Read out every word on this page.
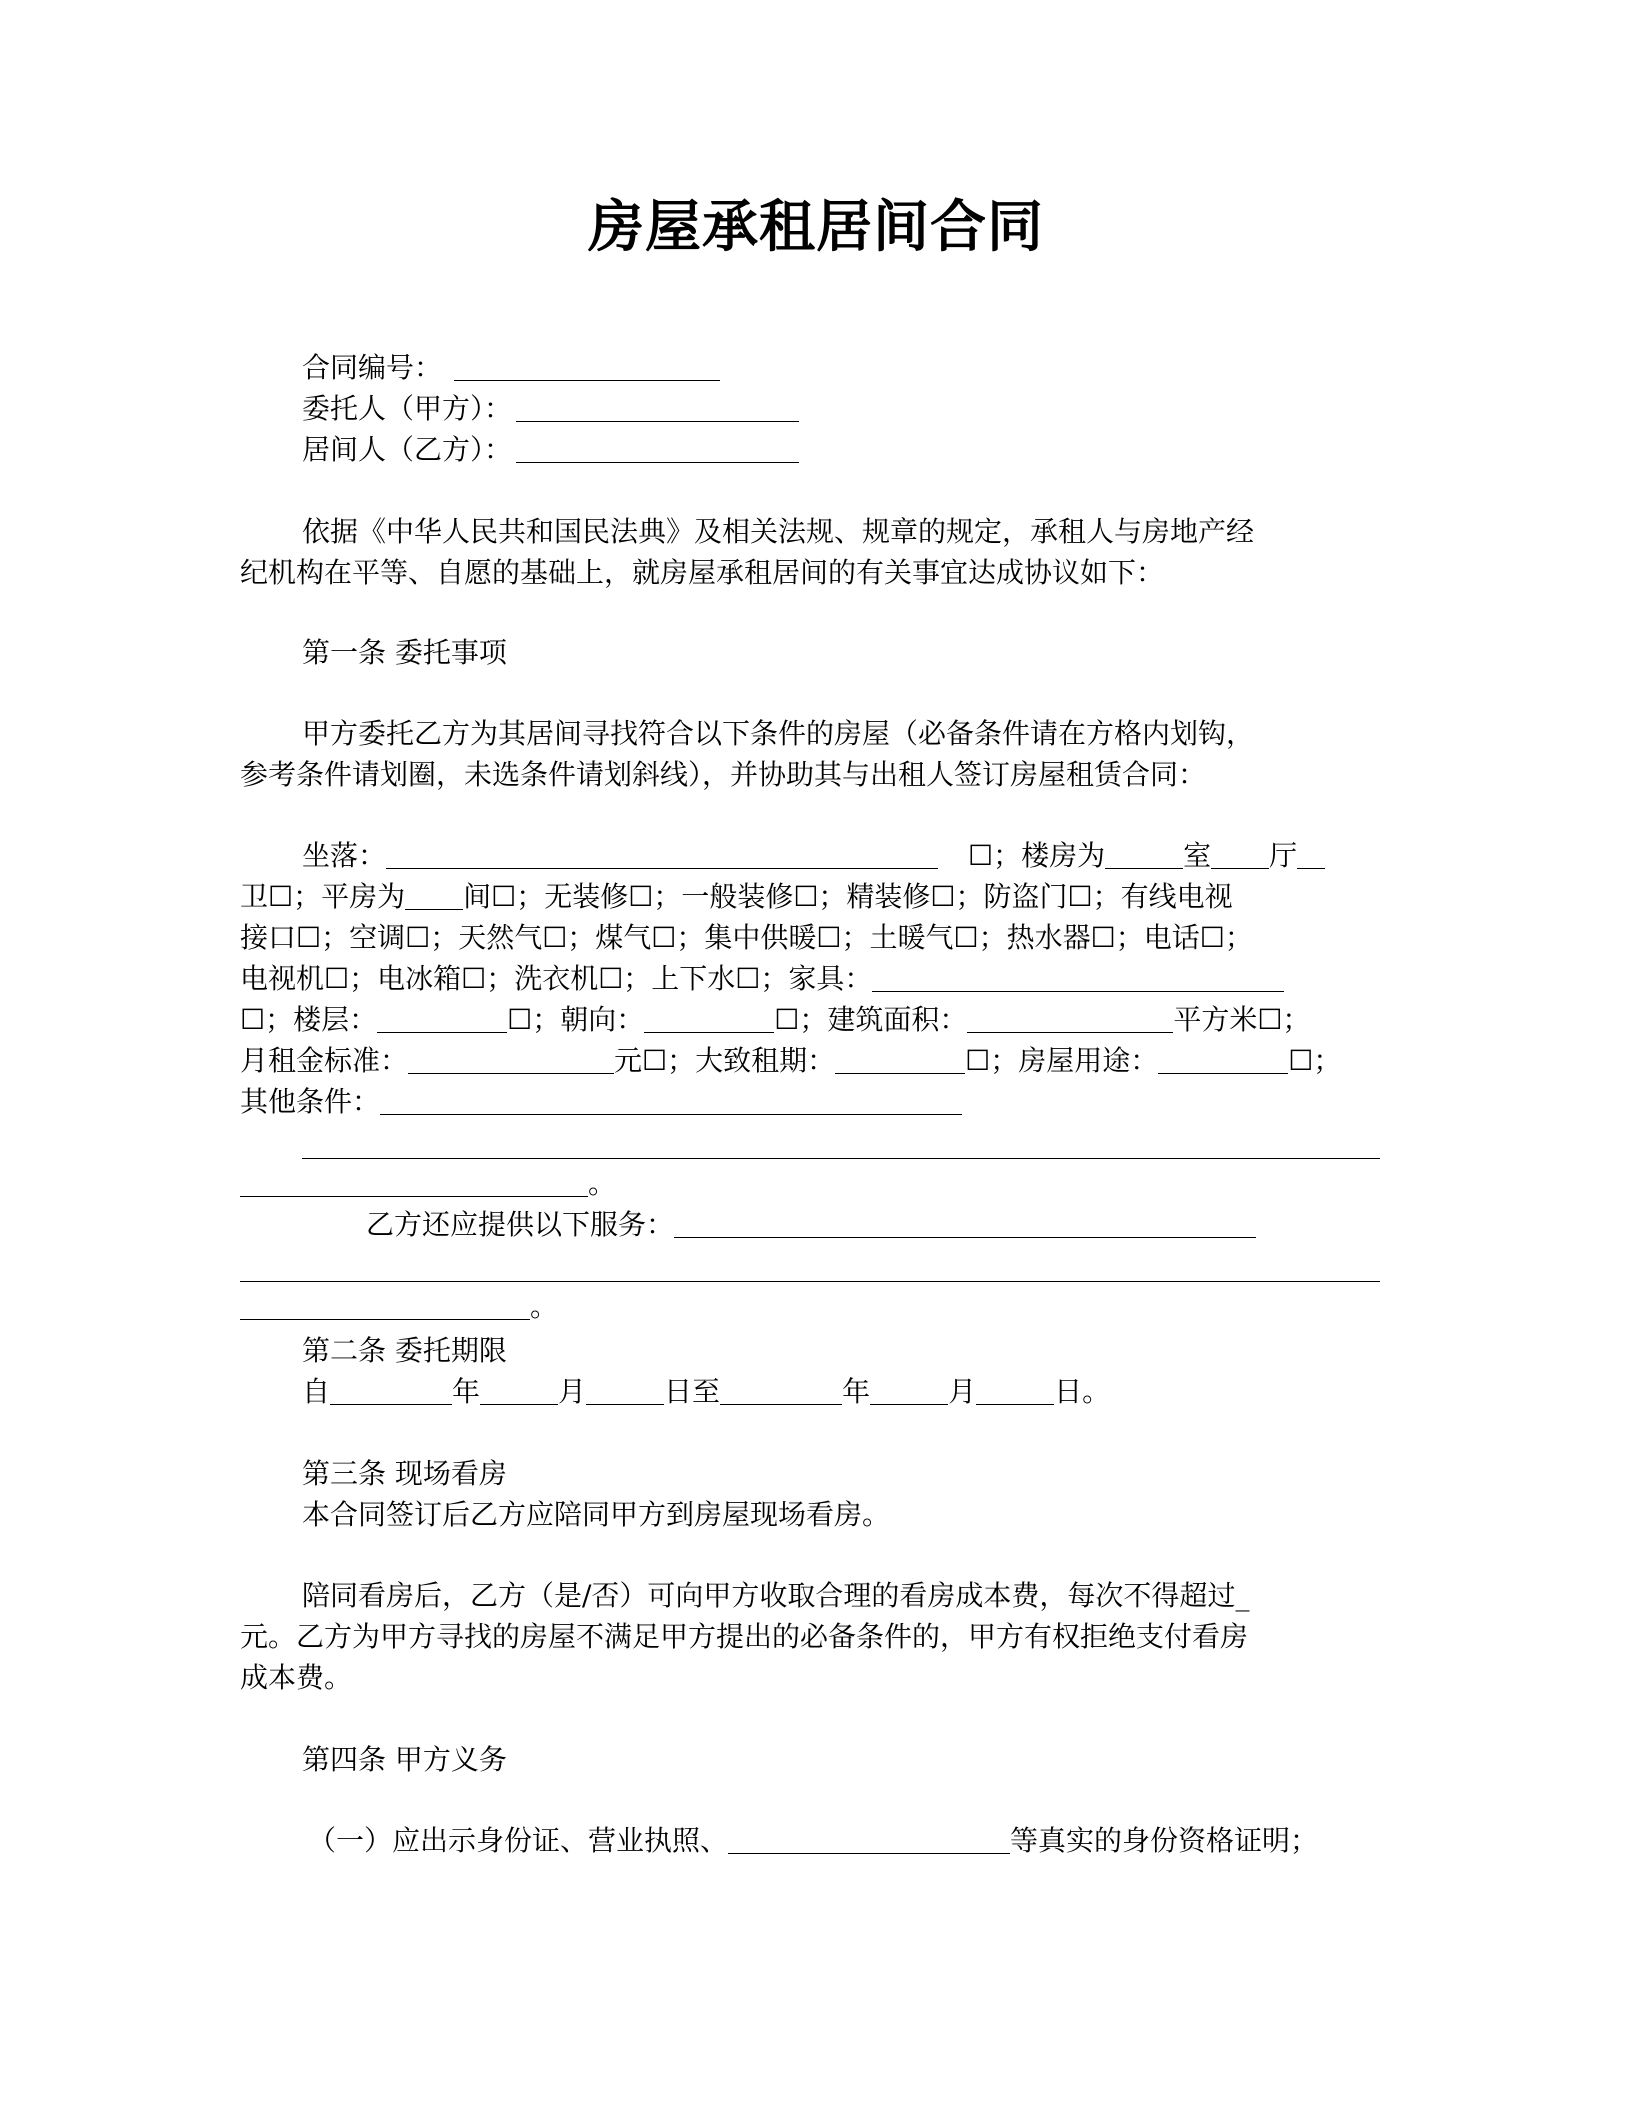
房屋承租居间合同
合同编号：
委托人（甲方）：
居间人（乙方）：
依据《中华人民共和国民法典》及相关法规、规章的规定，承租人与房地产经
纪机构在平等、自愿的基础上，就房屋承租居间的有关事宜达成协议如下：
第一条 委托事项
甲方委托乙方为其居间寻找符合以下条件的房屋（必备条件请在方格内划钩，
参考条件请划圈，未选条件请划斜线），并协助其与出租人签订房屋租赁合同：
坐落：	☐；楼房为	室 厅
卫☐；平房为 间☐；无装修☐；一般装修☐；精装修☐；防盗门☐；有线电视
接口☐；空调☐；天然气☐；煤气☐；集中供暖☐；土暖气☐；热水器☐；电话☐；
电视机☐；电冰箱☐；洗衣机☐；上下水☐；家具：
☐；楼层：	☐；朝向：	☐；建筑面积：	平方米☐；
月租金标准：	元☐；大致租期：	☐；房屋用途：	☐；
其他条件：
。
乙方还应提供以下服务：
。
第二条 委托期限
自	年	月	日至	年	月	日。
第三条 现场看房
本合同签订后乙方应陪同甲方到房屋现场看房。
陪同看房后，乙方（是/否）可向甲方收取合理的看房成本费，每次不得超过_
元。乙方为甲方寻找的房屋不满足甲方提出的必备条件的，甲方有权拒绝支付看房
成本费。
第四条 甲方义务
（一）应出示身份证、营业执照、	等真实的身份资格证明；
